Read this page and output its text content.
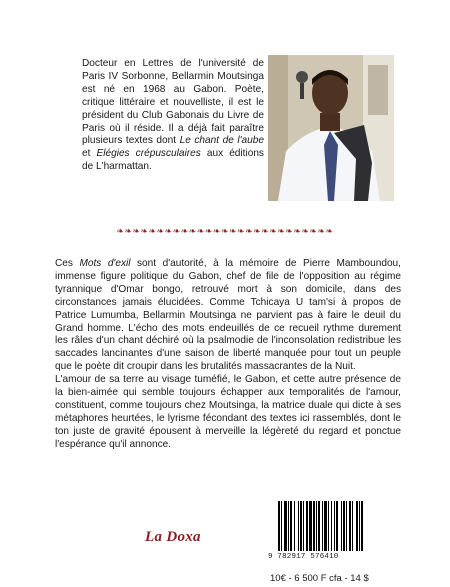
Docteur en Lettres de l'université de Paris IV Sorbonne, Bellarmin Moutsinga est né en 1968 au Gabon. Poète, critique littéraire et nouvelliste, il est le président du Club Gabonais du Livre de Paris où il réside. Il a déjà fait paraître plusieurs textes dont Le chant de l'aube et Elégies crépusculaires aux éditions de L'harmattan.

❧❧❧❧❧❧❧❧❧❧❧❧❧❧❧❧❧❧❧❧❧❧❧❧❧❧❧

Ces Mots d'exil sont d'autorité, à la mémoire de Pierre Mamboundou, immense figure politique du Gabon, chef de file de l'opposition au régime tyrannique d'Omar bongo, retrouvé mort à son domicile, dans des circonstances jamais élucidées. Comme Tchicaya U tam'si à propos de Patrice Lumumba, Bellarmin Moutsinga ne parvient pas à faire le deuil du Grand homme. L'écho des mots endeuillés de ce recueil rythme durement les râles d'un chant déchiré où la psalmodie de l'inconsolation redistribue les saccades lancinantes d'une saison de liberté manquée pour tout un peuple que le poète dit croupir dans les brutalités massacrantes de la Nuit.

L'amour de sa terre au visage tuméfié, le Gabon, et cette autre présence de la bien-aimée qui semble toujours échapper aux temporalités de l'amour, constituent, comme toujours chez Moutsinga, la matrice duale qui dicte à ses métaphores heurtées, le lyrisme fécondant des textes ici rassemblés, dont le ton juste de gravité épousent à merveille la légèreté du regard et ponctue l'espérance qu'il annonce.

La Doxa
9 782917 576410
10€ - 6 500 F cfa - 14 $
